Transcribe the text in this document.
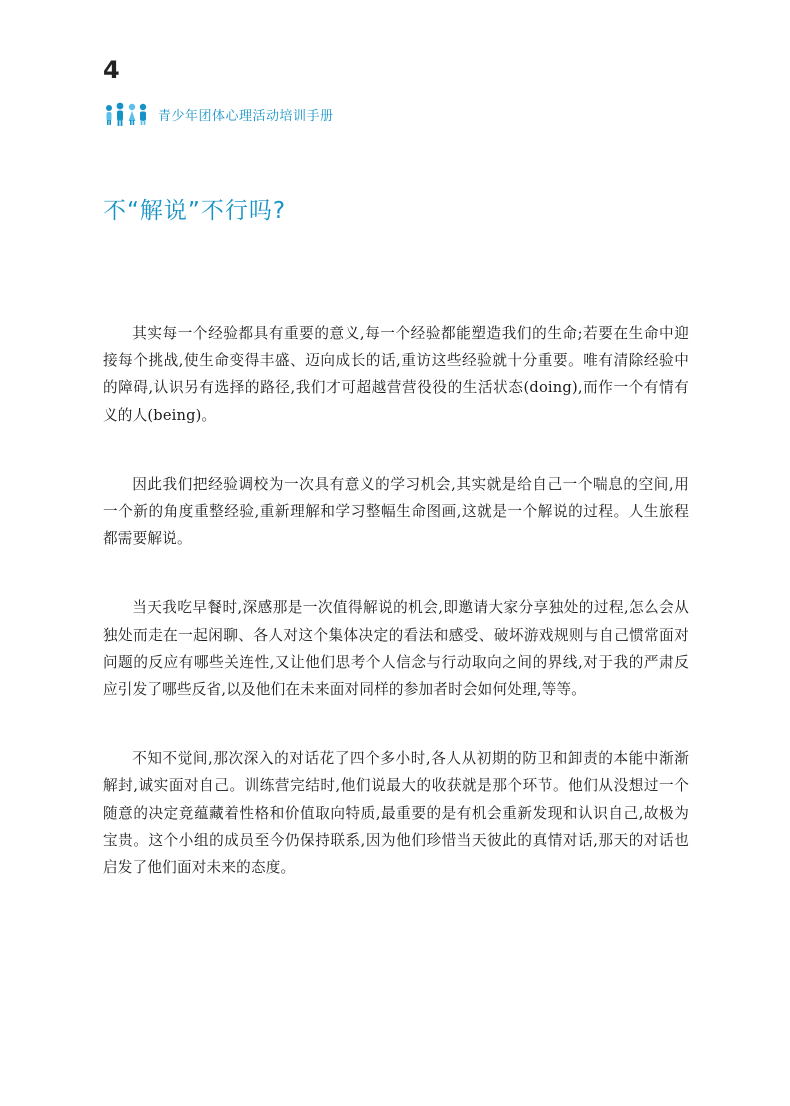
4
青少年团体心理活动培训手册
不“解说”不行吗?

其实每一个经验都具有重要的意义,每一个经验都能塑造我们的生命;若要在生命中迎接每个挑战,使生命变得丰盛、迈向成长的话,重访这些经验就十分重要。唯有清除经验中的障碍,认识另有选择的路径,我们才可超越营营役役的生活状态(doing),而作一个有情有义的人(being)。

因此我们把经验调校为一次具有意义的学习机会,其实就是给自己一个喘息的空间,用一个新的角度重整经验,重新理解和学习整幅生命图画,这就是一个解说的过程。人生旅程都需要解说。

当天我吃早餐时,深感那是一次值得解说的机会,即邀请大家分享独处的过程,怎么会从独处而走在一起闲聊、各人对这个集体决定的看法和感受、破坏游戏规则与自己惯常面对问题的反应有哪些关连性,又让他们思考个人信念与行动取向之间的界线,对于我的严肃反应引发了哪些反省,以及他们在未来面对同样的参加者时会如何处理,等等。

不知不觉间,那次深入的对话花了四个多小时,各人从初期的防卫和卸责的本能中渐渐解封,诚实面对自己。训练营完结时,他们说最大的收获就是那个环节。他们从没想过一个随意的决定竟蕴藏着性格和价值取向特质,最重要的是有机会重新发现和认识自己,故极为宝贵。这个小组的成员至今仍保持联系,因为他们珍惜当天彼此的真情对话,那天的对话也启发了他们面对未来的态度。
